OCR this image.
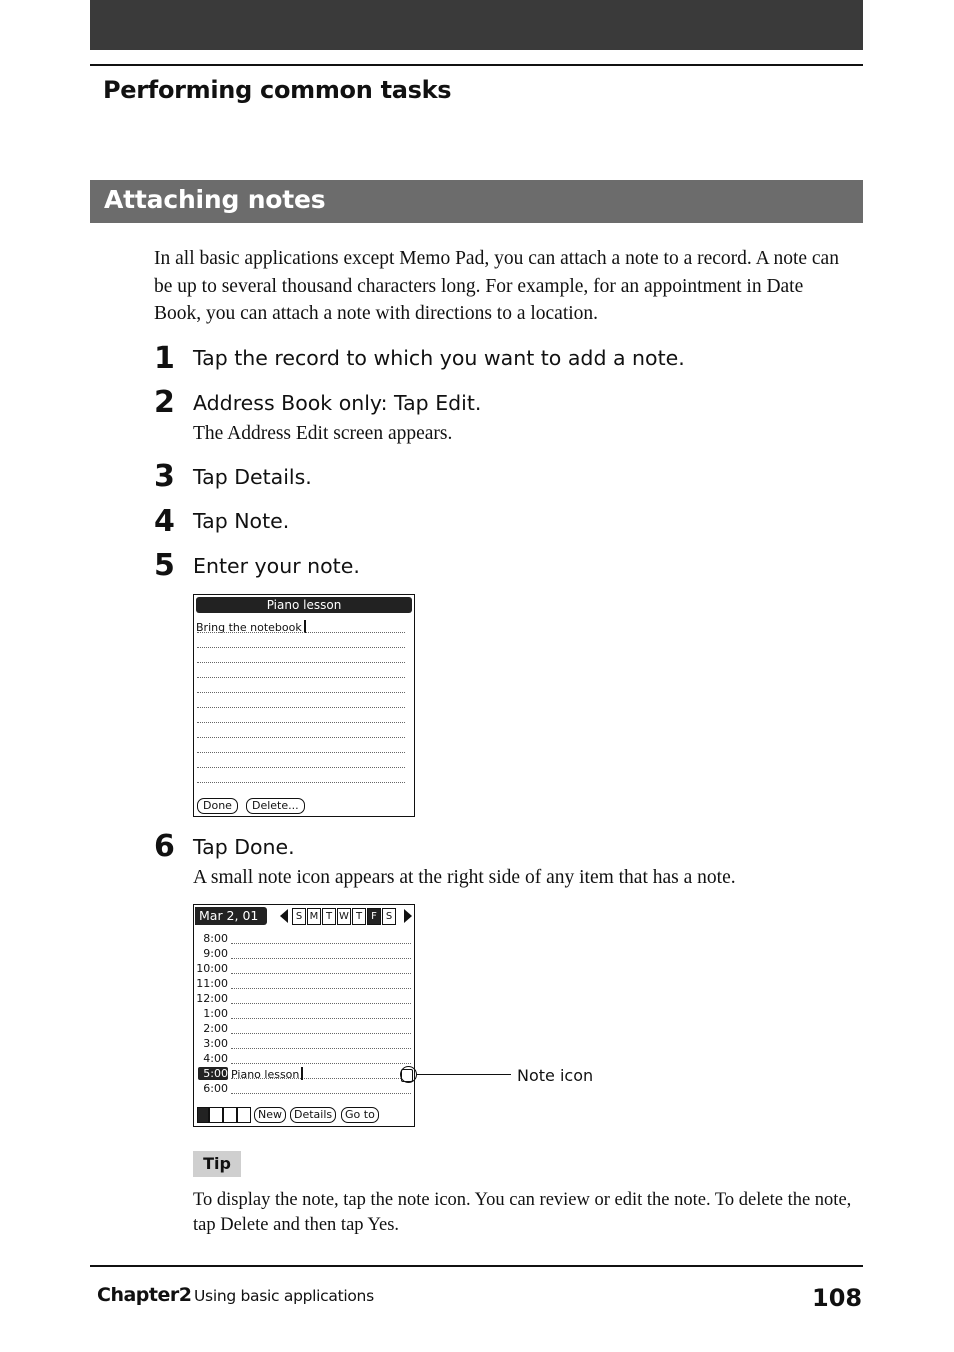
Performing common tasks
Attaching notes
In all basic applications except Memo Pad, you can attach a note to a record. A note can be up to several thousand characters long. For example, for an appointment in Date Book, you can attach a note with directions to a location.
1 Tap the record to which you want to add a note.
2 Address Book only: Tap Edit.
The Address Edit screen appears.
3 Tap Details.
4 Tap Note.
5 Enter your note.
Piano lesson
Bring the notebook
Done	Delete...
6 Tap Done.
A small note icon appears at the right side of any item that has a note.
Mar 2, 01	S M T W T F S
8:00
9:00
10:00
11:00
12:00
1:00
2:00
3:00
4:00
5:00 Piano lesson
6:00
New	Details	Go to
Note icon
Tip
To display the note, tap the note icon. You can review or edit the note. To delete the note, tap Delete and then tap Yes.
Chapter2 Using basic applications	108
